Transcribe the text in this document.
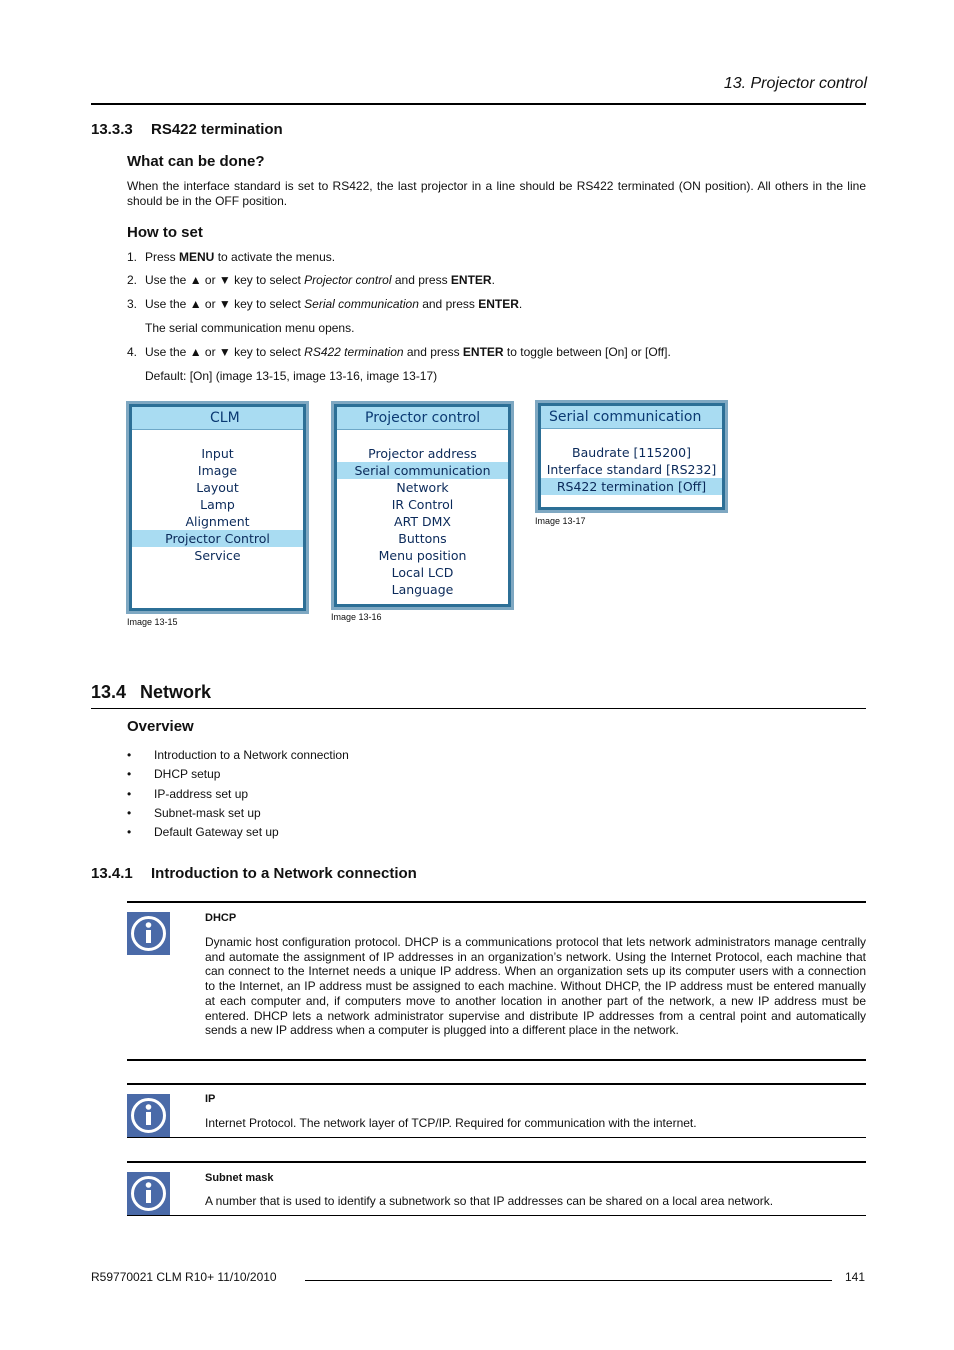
13. Projector control
13.3.3 RS422 termination
What can be done?
When the interface standard is set to RS422, the last projector in a line should be RS422 terminated (ON position). All others in the line should be in the OFF position.
How to set
1. Press MENU to activate the menus.
2. Use the ▲ or ▼ key to select Projector control and press ENTER.
3. Use the ▲ or ▼ key to select Serial communication and press ENTER.
The serial communication menu opens.
4. Use the ▲ or ▼ key to select RS422 termination and press ENTER to toggle between [On] or [Off].
Default: [On] (image 13-15, image 13-16, image 13-17)
CLM
Input
Image
Layout
Lamp
Alignment
Projector Control
Service
Image 13-15
Projector control
Projector address
Serial communication
Network
IR Control
ART DMX
Buttons
Menu position
Local LCD
Language
Image 13-16
Serial communication
Baudrate [115200]
Interface standard [RS232]
RS422 termination [Off]
Image 13-17
13.4 Network
Overview
• Introduction to a Network connection
• DHCP setup
• IP-address set up
• Subnet-mask set up
• Default Gateway set up
13.4.1 Introduction to a Network connection
DHCP
Dynamic host configuration protocol. DHCP is a communications protocol that lets network administrators manage centrally and automate the assignment of IP addresses in an organization’s network. Using the Internet Protocol, each machine that can connect to the Internet needs a unique IP address. When an organization sets up its computer users with a connection to the Internet, an IP address must be assigned to each machine. Without DHCP, the IP address must be entered manually at each computer and, if computers move to another location in another part of the network, a new IP address must be entered. DHCP lets a network administrator supervise and distribute IP addresses from a central point and automatically sends a new IP address when a computer is plugged into a different place in the network.
IP
Internet Protocol. The network layer of TCP/IP. Required for communication with the internet.
Subnet mask
A number that is used to identify a subnetwork so that IP addresses can be shared on a local area network.
R59770021 CLM R10+ 11/10/2010	141
